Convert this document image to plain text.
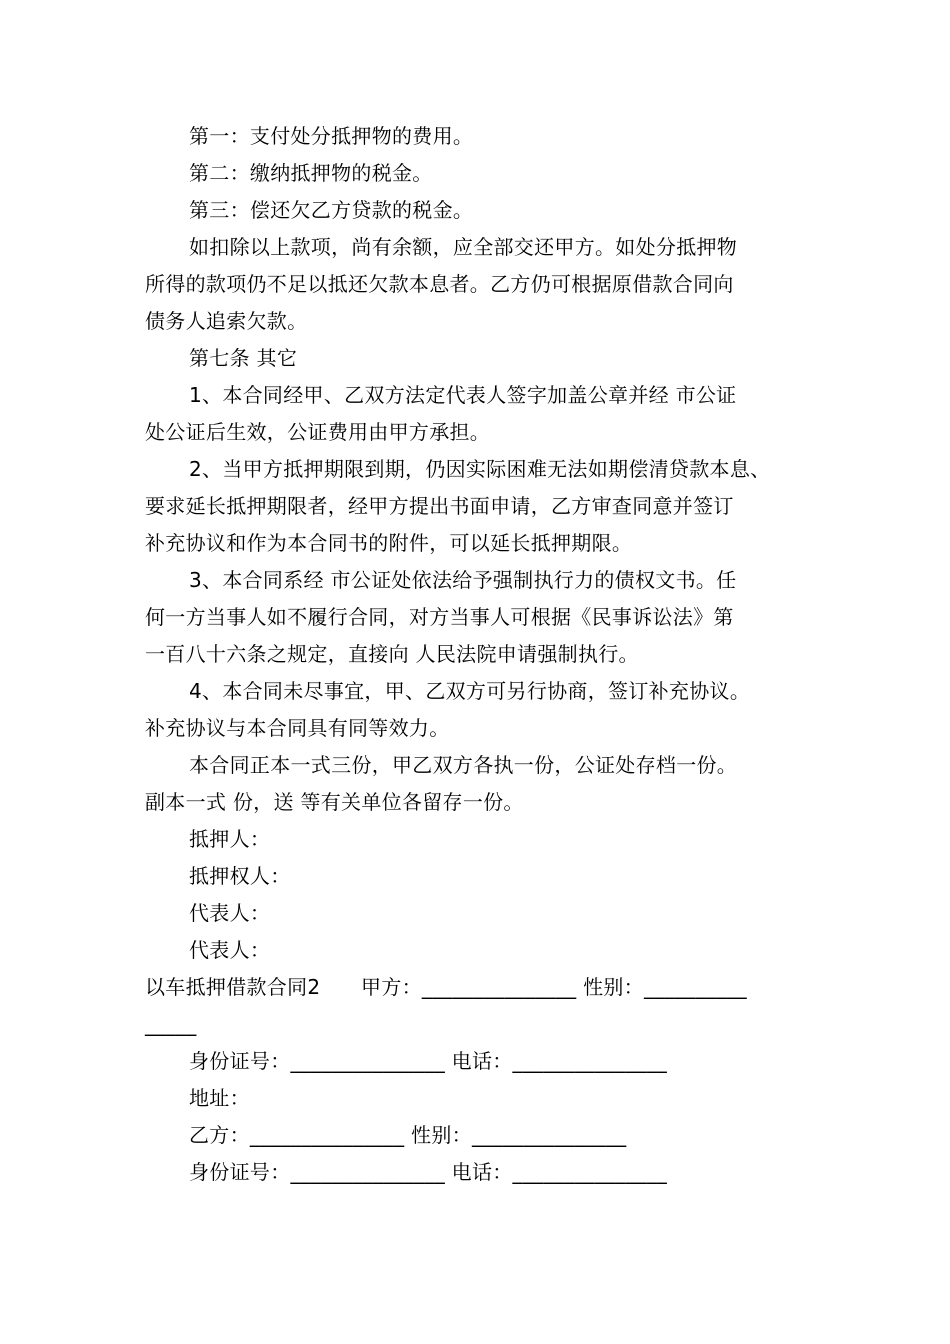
第一：支付处分抵押物的费用。

第二：缴纳抵押物的税金。

第三：偿还欠乙方贷款的税金。

如扣除以上款项，尚有余额，应全部交还甲方。如处分抵押物

所得的款项仍不足以抵还欠款本息者。乙方仍可根据原借款合同向

债务人追索欠款。

第七条 其它

1、本合同经甲、乙双方法定代表人签字加盖公章并经 市公证

处公证后生效，公证费用由甲方承担。

2、当甲方抵押期限到期，仍因实际困难无法如期偿清贷款本息、

要求延长抵押期限者，经甲方提出书面申请，乙方审查同意并签订

补充协议和作为本合同书的附件，可以延长抵押期限。

3、本合同系经 市公证处依法给予强制执行力的债权文书。任

何一方当事人如不履行合同，对方当事人可根据《民事诉讼法》第

一百八十六条之规定，直接向 人民法院申请强制执行。

4、本合同未尽事宜，甲、乙双方可另行协商，签订补充协议。

补充协议与本合同具有同等效力。

本合同正本一式三份，甲乙双方各执一份，公证处存档一份。

副本一式 份，送 等有关单位各留存一份。

抵押人：

抵押权人：

代表人：

代表人：

以车抵押借款合同2　　甲方：_______________ 性别：__________

_____

身份证号：_______________ 电话：_______________

地址：

乙方：_______________ 性别：_______________

身份证号：_______________ 电话：_______________
